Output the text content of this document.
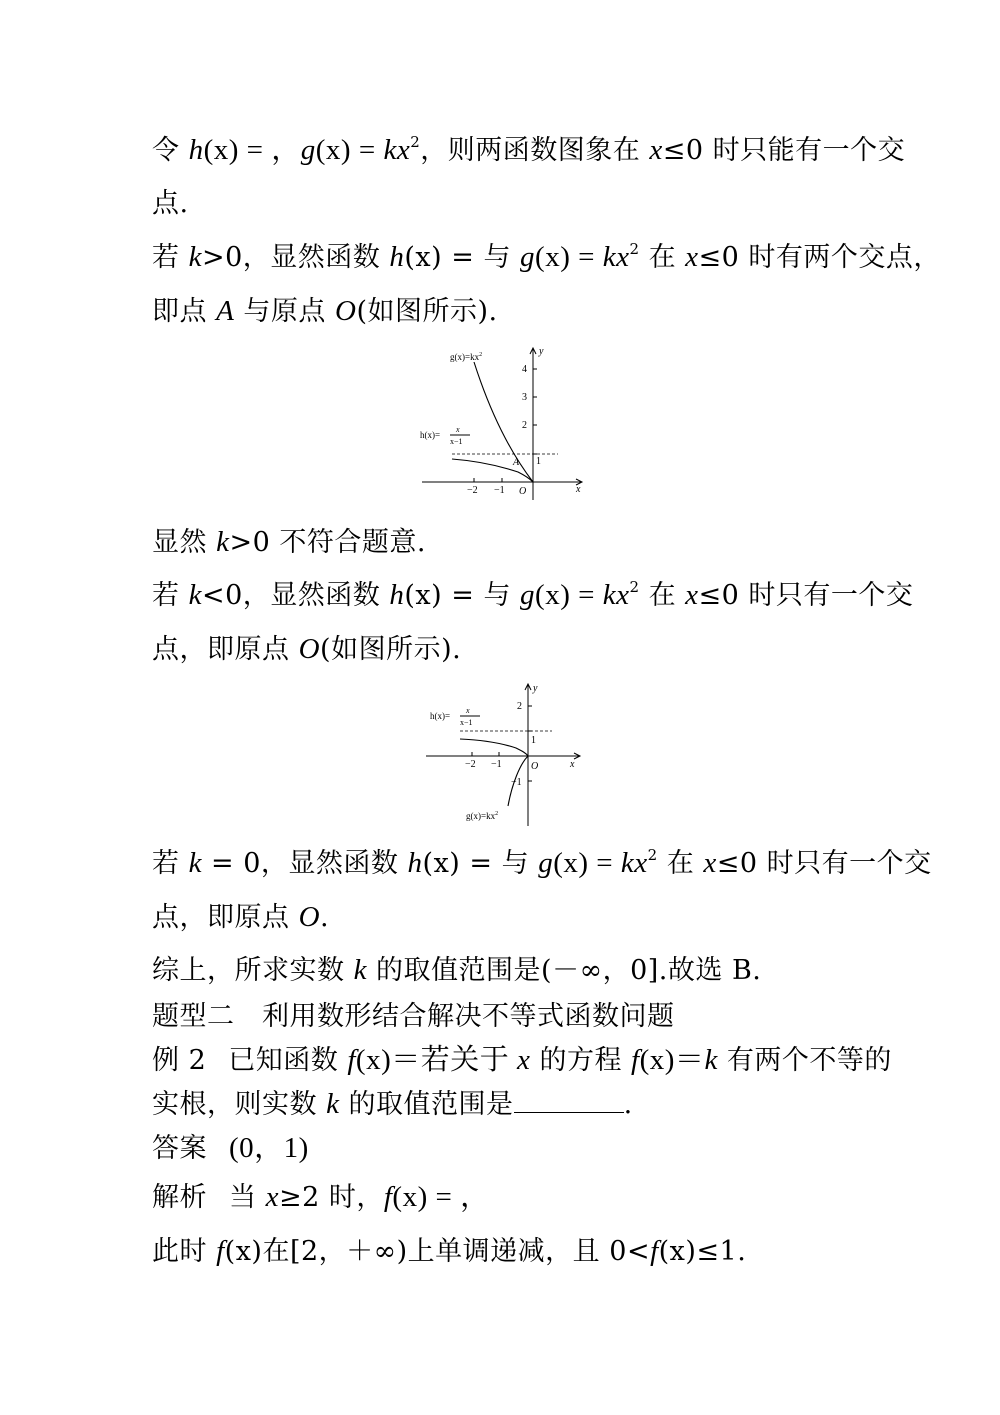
令 h(x) = ，$g(x) = kx^2$，则两函数图象在 x≤0 时只能有一个交
点.
若 k>0，显然函数 h(x) = 与 $g(x) = kx^2$ 在 x≤0 时有两个交点，
即点 A 与原点 O(如图所示).
y
x
4
3
2
1
−2 −1 O
A
$g(x)=kx^2$
h(x)=
x
x−1
显然 k>0 不符合题意.
若 k<0，显然函数 h(x) = 与 $g(x) = kx^2$ 在 x≤0 时只有一个交
点，即原点 O(如图所示).
y
x
2
1
−1
−2 −1	O
h(x)=
x
x−1
$g(x)=kx^2$
若 k = 0，显然函数 h(x) = 与 $g(x) = kx^2$ 在 x≤0 时只有一个交
点，即原点 O.
综上，所求实数 k 的取值范围是(－∞，0].故选 B.
题型二　利用数形结合解决不等式函数问题
例 2 已知函数 f(x)＝若关于 x 的方程 f(x)＝k 有两个不等的
实根，则实数 k 的取值范围是	.
答案 (0，1)
解析 当 x≥2 时，f(x) = ，
此时 f(x)在[2，＋∞)上单调递减，且 0<f(x)≤1.
